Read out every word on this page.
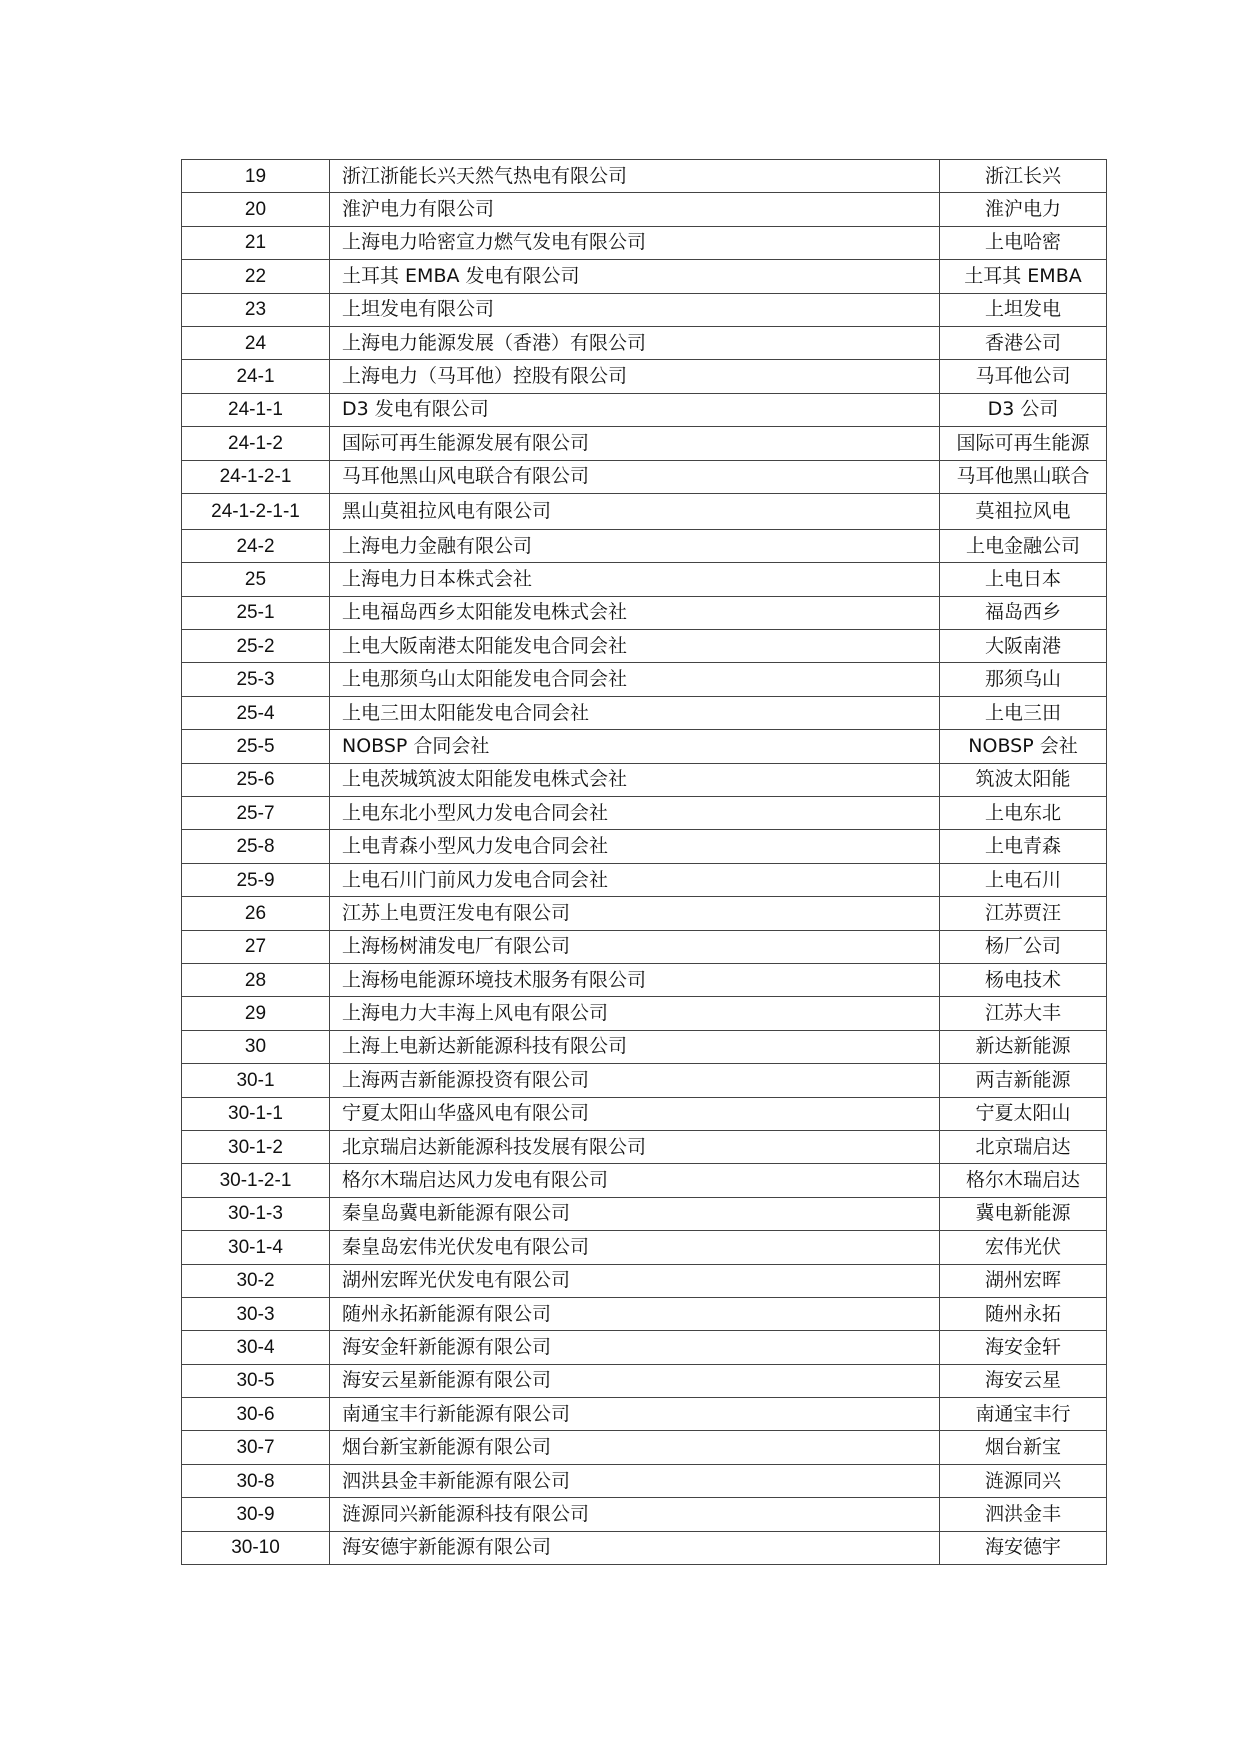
19	浙江浙能长兴天然气热电有限公司	浙江长兴
20	淮沪电力有限公司	淮沪电力
21	上海电力哈密宣力燃气发电有限公司	上电哈密
22	土耳其 EMBA 发电有限公司	土耳其 EMBA
23	上坦发电有限公司	上坦发电
24	上海电力能源发展（香港）有限公司	香港公司
24-1	上海电力（马耳他）控股有限公司	马耳他公司
24-1-1	D3 发电有限公司	D3 公司
24-1-2	国际可再生能源发展有限公司	国际可再生能源
24-1-2-1	马耳他黑山风电联合有限公司	马耳他黑山联合
24-1-2-1-1	黑山莫祖拉风电有限公司	莫祖拉风电
24-2	上海电力金融有限公司	上电金融公司
25	上海电力日本株式会社	上电日本
25-1	上电福岛西乡太阳能发电株式会社	福岛西乡
25-2	上电大阪南港太阳能发电合同会社	大阪南港
25-3	上电那须乌山太阳能发电合同会社	那须乌山
25-4	上电三田太阳能发电合同会社	上电三田
25-5	NOBSP 合同会社	NOBSP 会社
25-6	上电茨城筑波太阳能发电株式会社	筑波太阳能
25-7	上电东北小型风力发电合同会社	上电东北
25-8	上电青森小型风力发电合同会社	上电青森
25-9	上电石川门前风力发电合同会社	上电石川
26	江苏上电贾汪发电有限公司	江苏贾汪
27	上海杨树浦发电厂有限公司	杨厂公司
28	上海杨电能源环境技术服务有限公司	杨电技术
29	上海电力大丰海上风电有限公司	江苏大丰
30	上海上电新达新能源科技有限公司	新达新能源
30-1	上海两吉新能源投资有限公司	两吉新能源
30-1-1	宁夏太阳山华盛风电有限公司	宁夏太阳山
30-1-2	北京瑞启达新能源科技发展有限公司	北京瑞启达
30-1-2-1	格尔木瑞启达风力发电有限公司	格尔木瑞启达
30-1-3	秦皇岛冀电新能源有限公司	冀电新能源
30-1-4	秦皇岛宏伟光伏发电有限公司	宏伟光伏
30-2	湖州宏晖光伏发电有限公司	湖州宏晖
30-3	随州永拓新能源有限公司	随州永拓
30-4	海安金轩新能源有限公司	海安金轩
30-5	海安云星新能源有限公司	海安云星
30-6	南通宝丰行新能源有限公司	南通宝丰行
30-7	烟台新宝新能源有限公司	烟台新宝
30-8	泗洪县金丰新能源有限公司	涟源同兴
30-9	涟源同兴新能源科技有限公司	泗洪金丰
30-10	海安德宇新能源有限公司	海安德宇
